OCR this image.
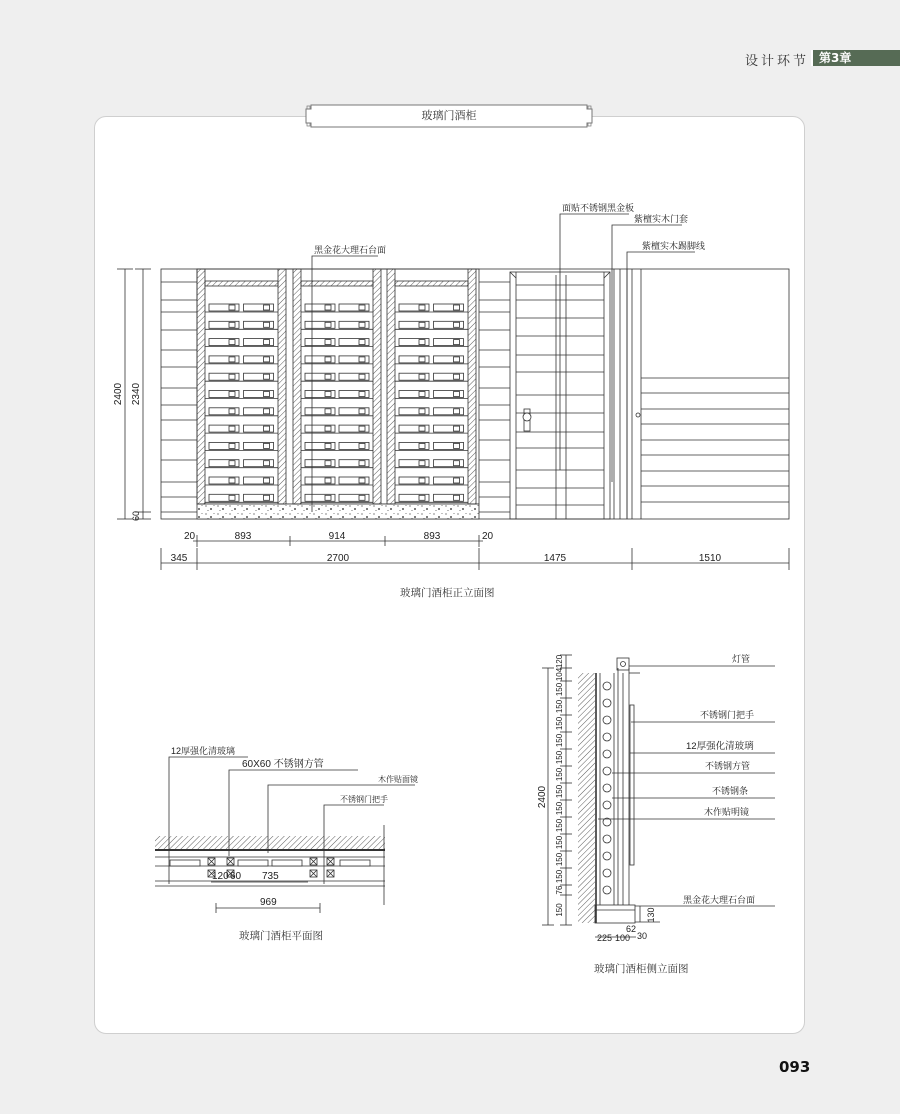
设计环节 第3章
玻璃门酒柜
黑金花大理石台面
面贴不锈钢黑金板
紫檀实木门套
紫檀实木踢脚线
2400 2340
60
20	893	914	893	20
345	2700	1475	1510
12厚强化清玻璃
60X60 不锈钢方管
木作贴面镜
不锈钢门把手
120 60 735
969
灯管
不锈钢门把手
12厚强化清玻璃
不锈钢方管
不锈钢条
木作贴明镜
黑金花大理石台面
2400
120
104
150
150
150
150
150
150
150
150
150
150
150
150
76
150	130
225 100
62
30
玻璃门酒柜正立面图
玻璃门酒柜平面图
玻璃门酒柜侧立面图
093
